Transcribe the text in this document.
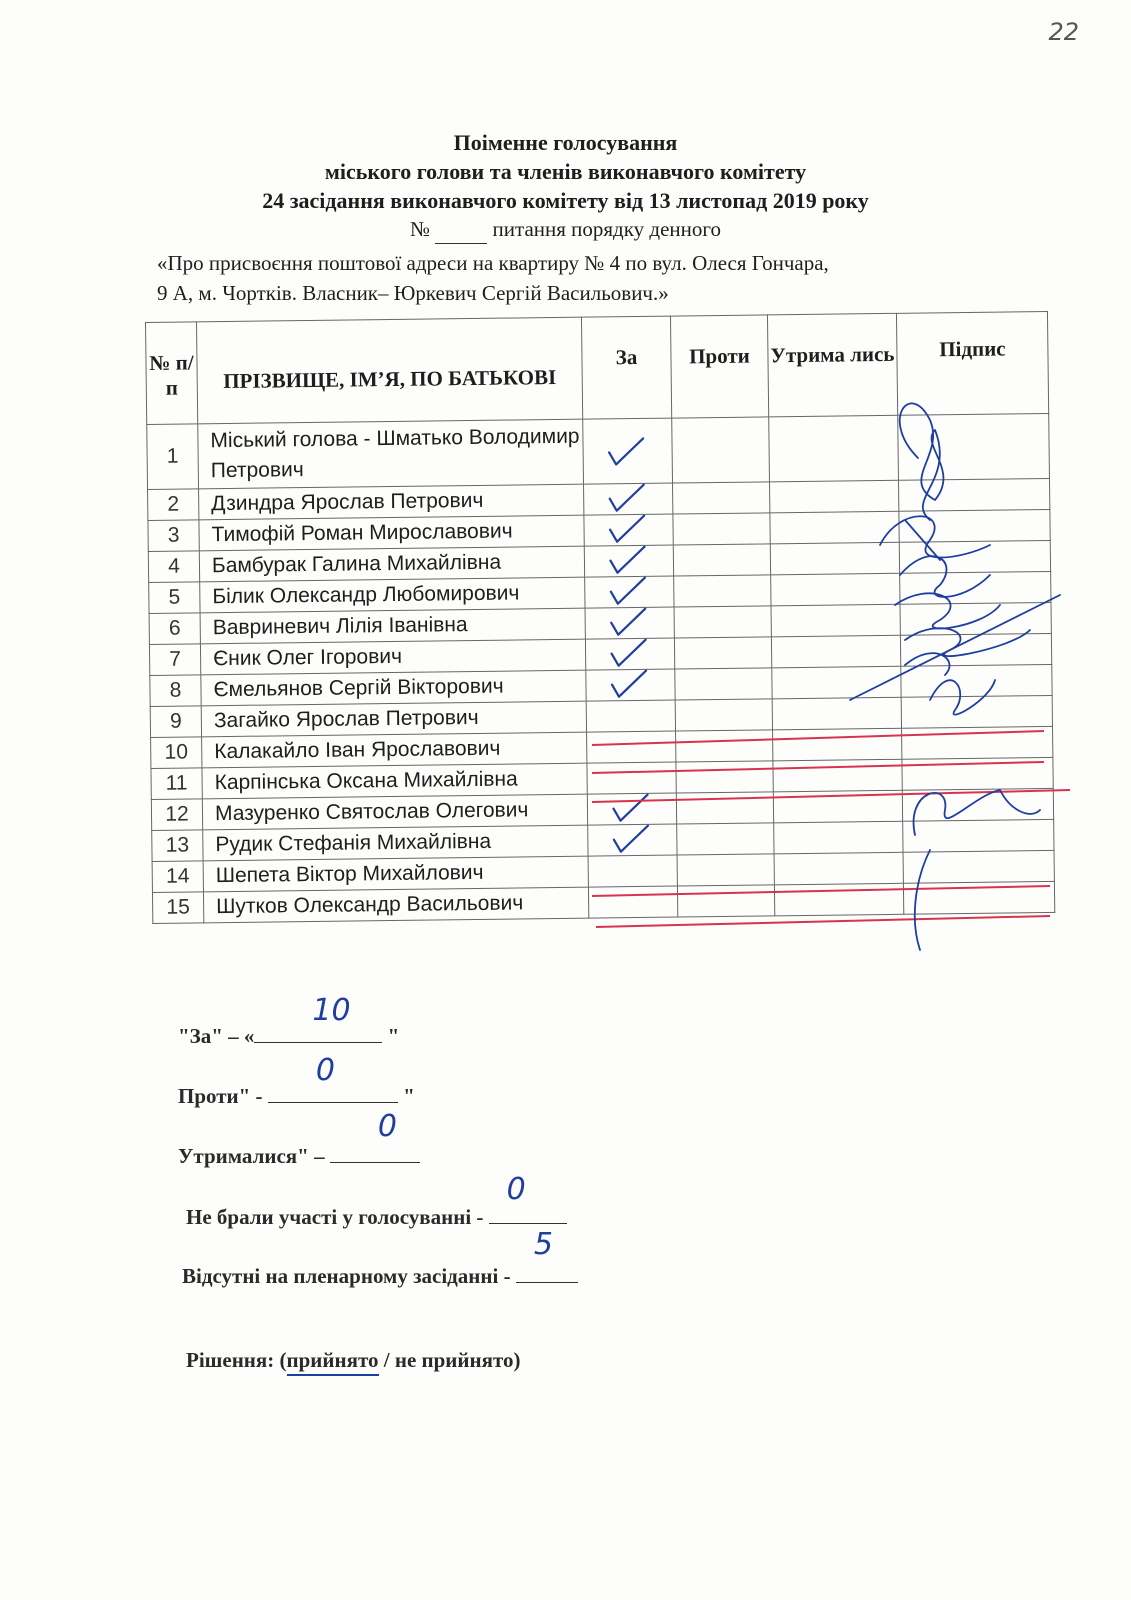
22
Поіменне голосування
міського голови та членів виконавчого комітету
24 засідання виконавчого комітету від 13 листопад 2019 року
№	питання порядку денного
«Про присвоєння поштової адреси на квартиру № 4 по вул. Олеся Гончара,
9 А, м. Чортків. Власник– Юркевич Сергій Васильович.»
№ п/ п	ПРІЗВИЩЕ, ІМ’Я, ПО БАТЬКОВІ	За	Проти	Утрима лись	Підпис
1	Міський голова - Шматько Володимир Петрович				
2	Дзиндра Ярослав Петрович				
3	Тимофій Роман Мирославович				
4	Бамбурак Галина Михайлівна				
5	Білик Олександр Любомирович				
6	Вавриневич Лілія Іванівна				
7	Єник Олег Ігорович				
8	Ємельянов Сергій Вікторович				
9	Загайко Ярослав Петрович				
10	Калакайло Іван Ярославович				
11	Карпінська Оксана Михайлівна				
12	Мазуренко Святослав Олегович				
13	Рудик Стефанія Михайлівна				
14	Шепета Віктор Михайлович				
15	Шутков Олександр Васильович				
"За" – «
10
"
Проти" -
0
"
Утрималися" –
0
Не брали участі у голосуванні -
0
Відсутні на пленарному засіданні -
5
Рішення: (прийнято / не прийнято)
